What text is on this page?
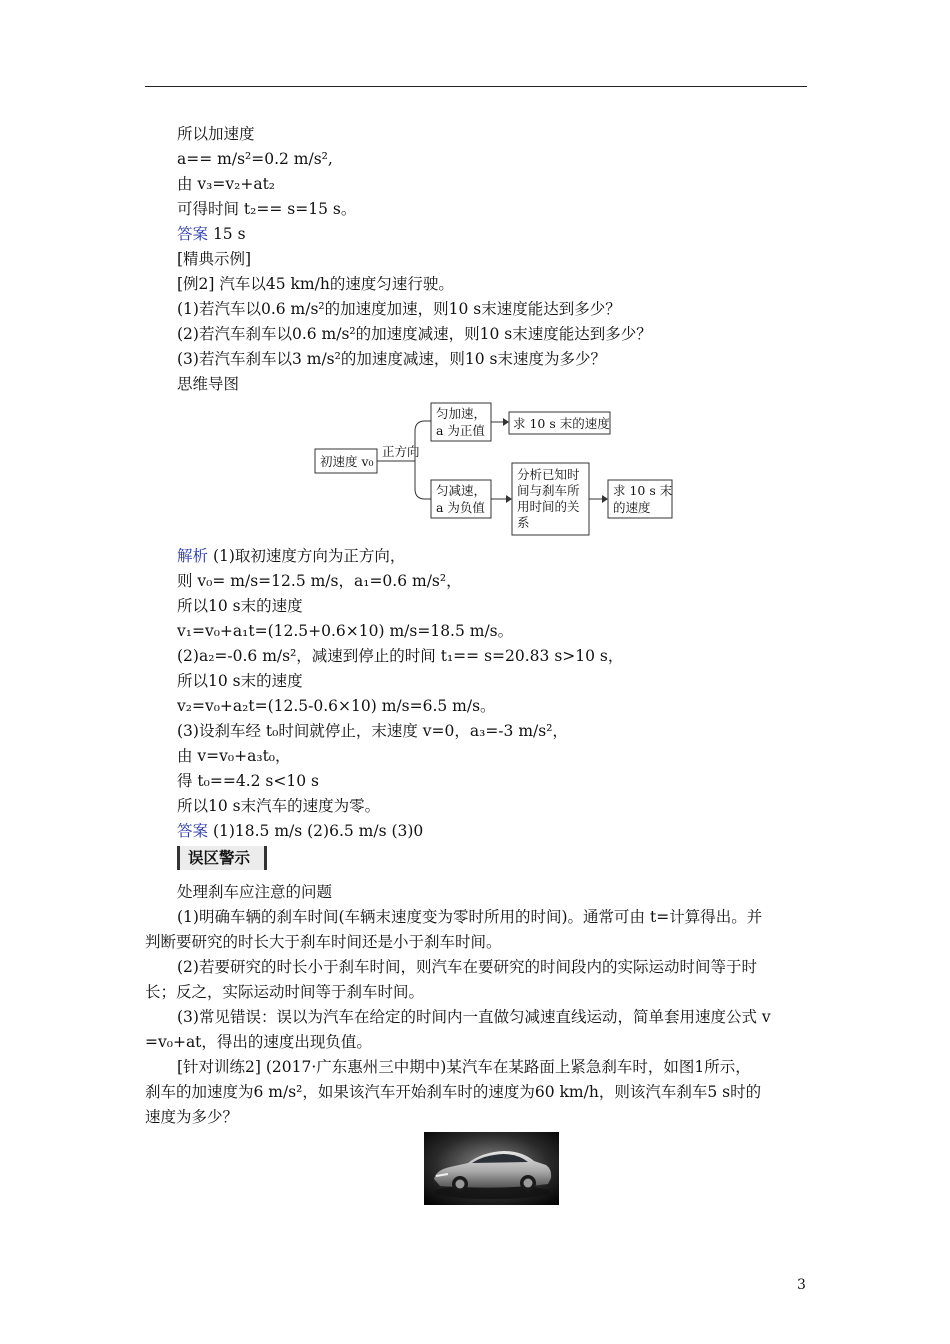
所以加速度
a== m/s²=0.2 m/s²,
由 v₃=v₂+at₂
可得时间 t₂== s=15 s。
答案 15 s
[精典示例]
[例2] 汽车以45 km/h的速度匀速行驶。
(1)若汽车以0.6 m/s²的加速度加速，则10 s末速度能达到多少？
(2)若汽车刹车以0.6 m/s²的加速度减速，则10 s末速度能达到多少？
(3)若汽车刹车以3 m/s²的加速度减速，则10 s末速度为多少？
思维导图
解析 (1)取初速度方向为正方向，
则 v₀= m/s=12.5 m/s，a₁=0.6 m/s²，
所以10 s末的速度
v₁=v₀+a₁t=(12.5+0.6×10) m/s=18.5 m/s。
(2)a₂=-0.6 m/s²，减速到停止的时间 t₁== s=20.83 s>10 s，
所以10 s末的速度
v₂=v₀+a₂t=(12.5-0.6×10) m/s=6.5 m/s。
(3)设刹车经 t₀时间就停止，末速度 v=0，a₃=-3 m/s²，
由 v=v₀+a₃t₀，
得 t₀==4.2 s<10 s
所以10 s末汽车的速度为零。
答案 (1)18.5 m/s (2)6.5 m/s (3)0
处理刹车应注意的问题
(1)明确车辆的刹车时间(车辆末速度变为零时所用的时间)。通常可由 t=计算得出。并
判断要研究的时长大于刹车时间还是小于刹车时间。
(2)若要研究的时长小于刹车时间，则汽车在要研究的时间段内的实际运动时间等于时
长；反之，实际运动时间等于刹车时间。
(3)常见错误：误以为汽车在给定的时间内一直做匀减速直线运动，简单套用速度公式 v
=v₀+at，得出的速度出现负值。
[针对训练2] (2017·广东惠州三中期中)某汽车在某路面上紧急刹车时，如图1所示，
刹车的加速度为6 m/s²，如果该汽车开始刹车时的速度为60 km/h，则该汽车刹车5 s时的
速度为多少？
误区警示
初速度 v₀
正方向
匀加速，
a 为正值 求 10 s 末的速度
匀减速，
a 为负值
分析已知时
间与刹车所
用时间的关
系
求 10 s 末
的速度
3
